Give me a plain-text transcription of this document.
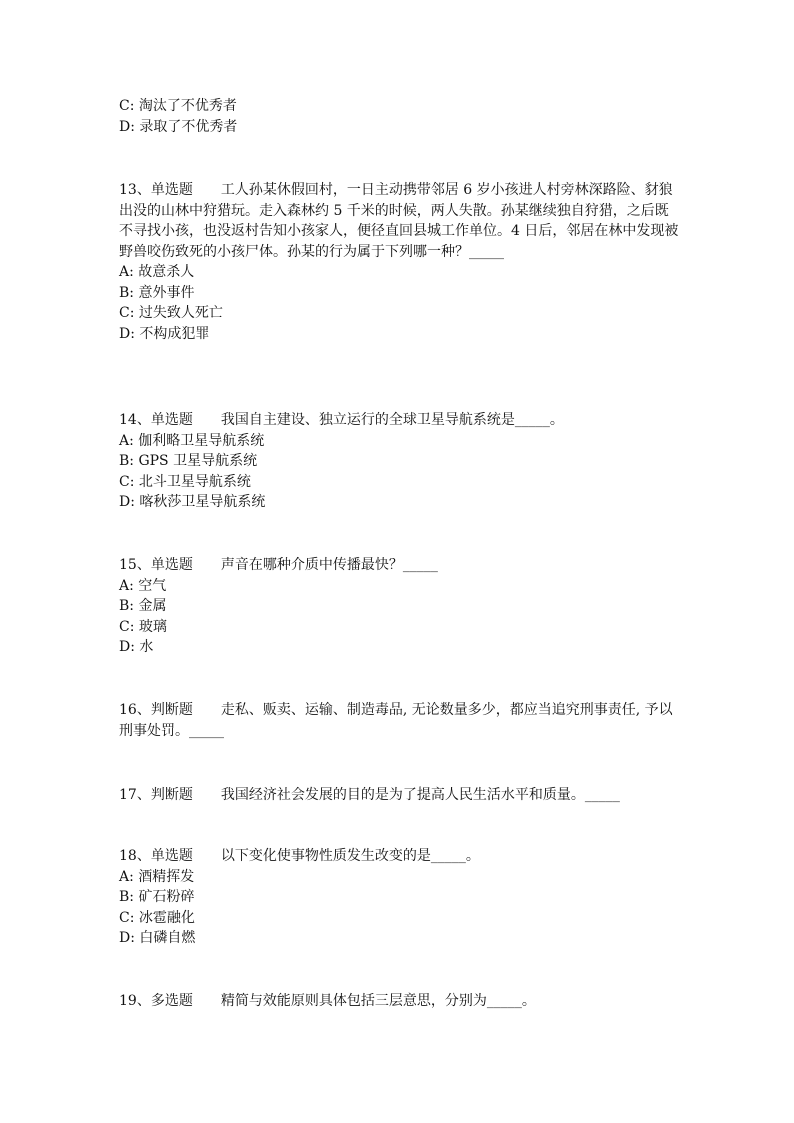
C: 淘汰了不优秀者
D: 录取了不优秀者
13、单选题 工人孙某休假回村，一日主动携带邻居 6 岁小孩进人村旁林深路险、豺狼出没的山林中狩猎玩。走入森林约 5 千米的时候，两人失散。孙某继续独自狩猎，之后既不寻找小孩，也没返村告知小孩家人，便径直回县城工作单位。4 日后，邻居在林中发现被野兽咬伤致死的小孩尸体。孙某的行为属于下列哪一种？_____
A: 故意杀人
B: 意外事件
C: 过失致人死亡
D: 不构成犯罪
14、单选题 我国自主建设、独立运行的全球卫星导航系统是_____。
A: 伽利略卫星导航系统
B: GPS 卫星导航系统
C: 北斗卫星导航系统
D: 喀秋莎卫星导航系统
15、单选题 声音在哪种介质中传播最快？_____
A: 空气
B: 金属
C: 玻璃
D: 水
16、判断题 走私、贩卖、运输、制造毒品, 无论数量多少，都应当追究刑事责任, 予以刑事处罚。_____
17、判断题 我国经济社会发展的目的是为了提高人民生活水平和质量。_____
18、单选题 以下变化使事物性质发生改变的是_____。
A: 酒精挥发
B: 矿石粉碎
C: 冰雹融化
D: 白磷自燃
19、多选题 精简与效能原则具体包括三层意思，分别为_____。
